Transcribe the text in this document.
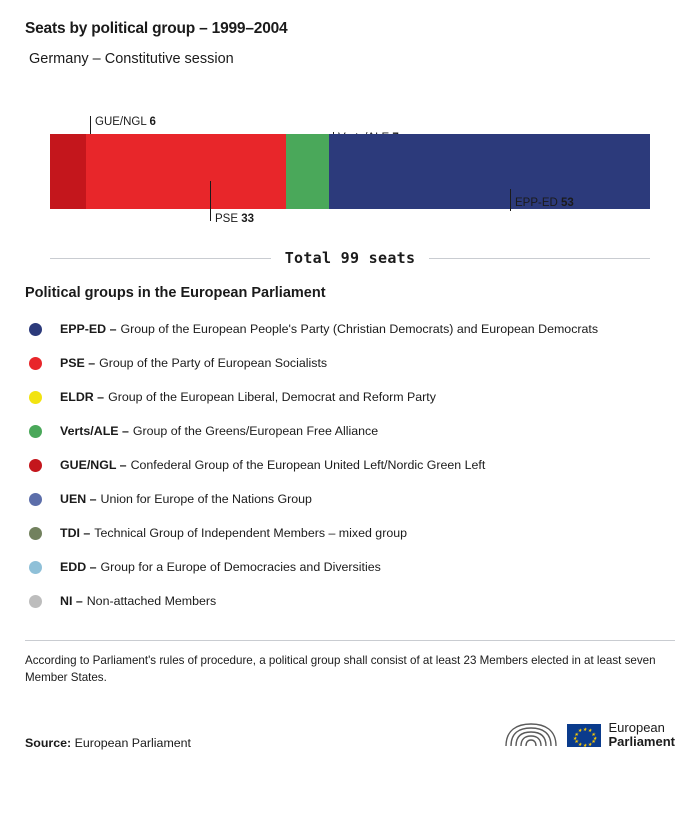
Seats by political group – 1999–2004
Germany – Constitutive session
GUE/NGL 6
PSE 33
EPP-ED 53
Total 99 seats
Political groups in the European Parliament
EPP-ED – Group of the European People's Party (Christian Democrats) and European Democrats
PSE – Group of the Party of European Socialists
ELDR – Group of the European Liberal, Democrat and Reform Party
Verts/ALE – Group of the Greens/European Free Alliance
GUE/NGL – Confederal Group of the European United Left/Nordic Green Left
UEN – Union for Europe of the Nations Group
TDI – Technical Group of Independent Members – mixed group
EDD – Group for a Europe of Democracies and Diversities
NI – Non-attached Members
According to Parliament's rules of procedure, a political group shall consist of at least 23 Members elected in at least seven Member States.
Source: European Parliament
★ ★
★
★
★
★
★
★
★
★
★
★ European
Parliament
